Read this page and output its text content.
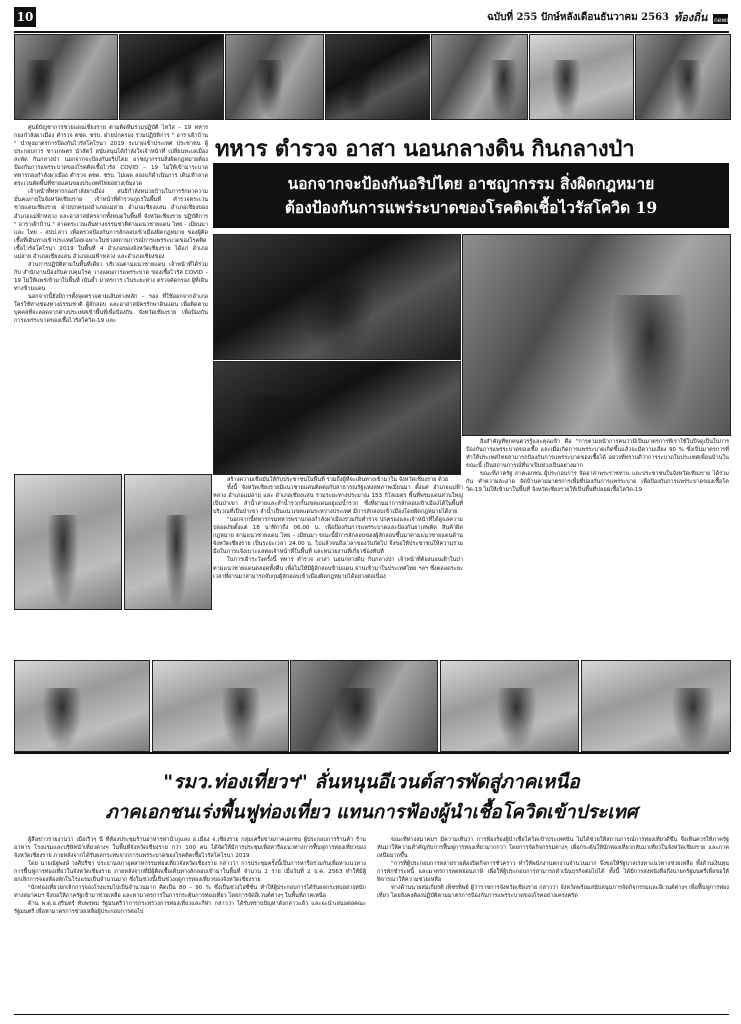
10	ฉบับที่ 255 ปักษ์หลังเดือนธันวาคม 2563 ท้องถิ่น news

ศูนย์บัญชาการชายแดนเชียงราย ตามติดทีมร่วมปฏิบัติ ไหว้ส – 19 ทหารกองกำลังผาเมือง ตำรวจ ตชด. ชรบ. ฝ่ายปกครอง ร่วมปฏิบัติการ " อาราเฝ้าบ้าน " นำหูงมาตรการป้องกันไวรัสโคโรนา 2019 ระบาดเข้าประเทศ ประชาชน ผู้ประกอบการ ชาวเกษตร นำสัตว์ สนับสนุนได้กำลังใจเจ้าหน้าที่ เปลี่ยนทะเลเมืองสะพัด กินกลางป่า นอกจากจะป้องกันอริปไตย อาชญากรรมสิ่งผิดกฎหมายต้องป้องกันการแพร่ระบาดของโรคติดเชื้อไวรัส COVID – 19 ไม่ให้เข้ามาระบาดทหารกองกำลังผาเมือง ตำรวจ ตชด. ชรบ. ไม่เผด สองแก้ดำเนินการ เดินเท้าลาดตระเวนตัดพื้นที่ชายแดนของประเทศไทยอย่างเข้มงวด

เจ้าหน้าที่ทหารกองกำลังผาเมือง สนธิกำลังหน่วยบ้านในการรักษาความมั่นคงภายในจังหวัดเชียงราย เจ้าหน้าที่ตำรวจภูธรในพื้นที่ คำรวจตระเวนชายแดนเชียงราย ฝ่ายปกครองอำเภอแม่สาย อำเภอเชียงแสน อำเภอเชียงของ อำเภอแม่ฟ้าหลวง และอาสาสมัครจากทั้งหมดในพื้นที่ จังหวัดเชียงราย ปฏิบัติการ " อาราเฝ้าบ้าน " ลาดตระเวนเส้นทางธรรมชาติตามแนวชายแดน ไทย - เมียนมา และ ไทย - สปป.ลาว เพื่อตรวจป้องกันการลักลอบเข้าเมืองผิดกฎหมาย ของผู้ติดเชื้อที่เดินทางเข้าประเทศโดยเฉพาะในช่วงสถานการณ์การแพร่ระบาดของโรคติดเชื้อไวรัสโคโรนา 2019 ในพื้นที่ 4 อำเภอของจังหวัดเชียงราย ได้แก่ อำเภอแม่สาย อำเภอเชียงแสน อำเภอแม่ฟ้าหลวง และอำเภอเชียงของ

ส่วนการปฏิบัติตามในพื้นที่เดียว บริเวณตามแนวชายแดน เจ้าหน้าที่ได้ร่วมกับ สำนักงานป้องกันควบคุมโรค วางแผนการแพร่ระบาด ของเชื้อไวรัส COVID – 19 ไม่ให้แพร่เข้ามาในพื้นที่ เน้นย้ำ มาตรการ เว้นระยะห่าง ตรวจคัดกรอง ผู้ที่เดินทางข้ามแดน

นอกจากนี้ยังมีการตั้งจุดตรวจตามเส้นทางหลัก – รอง ที่ใช้ออกจากอำเภอ ใครใช้ทางช่องทางธรรมชาติ ผู้ลักลอบ และอาสาสมัครรักษาดินแดน เพื่อติดตามบุคคลที่จะลอดจากต่างประเทศเข้าพื้นที่เพื่อป้องกัน จังหวัดเชียงราย เพื่อป้องกันการแพร่ระบาดของเชื้อไวรัสโควิด-19 และ

ทหาร ตำรวจ อาสา นอนกลางดิน กินกลางป่า
นอกจากจะป้องกันอริปไตย อาชญากรรม สิ่งผิดกฎหมาย
ต้องป้องกันการแพร่ระบาดของโรคติดเชื้อไวรัสโควิด 19

สร้างความเชื่อมั่นให้กับประชาชนในพื้นที่ รวมถึงผู้ที่จะเดินทางเข้ามาใน จังหวัดเชียงราย ด้วย

ทั้งนี้ จังหวัดเชียงรายมีแนวชายแดนติดต่อกับสาธารณรัฐแห่งสหภาพเมียนมา ตั้งแต่ อำเภอแม่ฟ้าหลวง อำเภอแม่สาย และ อำเภอเชียงแสน รวมระยะทางประมาณ 153 กิโลเมตร พื้นที่พรมแดนส่วนใหญ่เป็นป่าเขา ลำน้ำสายและลำน้ำรวกกั้นเขตแดนอยู่แม่น้ำรวก ซึ่งที่ผ่านมาการลักลอบเข้าเมืองได้ในพื้นที่บริเวณที่เป็นป่าเขา ลำน้ำเป็นแนวเขตแดนระหว่างประเทศ มีการลักลอบเข้าเมืองโดยผิดกฎหมายได้ง่าย

"นอกจากนี้ทหารกรมทหารพรานกองกำลังผาเมืองร่วมกับตำรวจ ปกครองและเจ้าหน้าที่ได้ดูแลความปลอดภัยตั้งแต่ 18 นาฬิกาถึง 06.00 น. เพื่อป้องกันการแพร่ระบาดและป้องกันยาเสพติด สินค้าผิดกฎหมาย ตามแนวชายแดน ไทย – เมียนมา ขณะนี้มีการลักลอบของผู้ลักลอบขึ้นมาตามแนวชายแดนด้านจังหวัดเชียงราย เป็นระยะเวลา 24.00 น. ไปแล้วจนถึงเวลาของวันถัดไป จึงขอให้ประชาชนให้ความร่วมมือในการแจ้งเบาะแสต่อเจ้าหน้าที่ในพื้นที่ และหน่วยงานที่เกี่ยวข้องทันที

ในการเฝ้าระวังครั้งนี้ ทหาร ตำรวจ อาสา นอนกลางดิน กินกลางป่า เจ้าหน้าที่ต้องนอนเฝ้าในป่าตามแนวชายแดนตลอดทั้งคืน เพื่อไม่ให้มีผู้ลักลอบข้ามแดน ผ่านเข้ามาในประเทศไทย ฯลฯ ซึ่งตลอดระยะเวลาที่ผ่านมาสามารถจับกุมผู้ลักลอบเข้าเมืองผิดกฎหมายได้อย่างต่อเนื่อง

สิ่งสำคัญที่ทุกคนควรรู้และคุณเข้า คือ "การตามหน้าการคนว่ามีเป็นมาตรการที่เราใช้ในปีจดูเป็นในการป้องกันการแพร่ระบาดของเชื้อ และเมื่อเกิดการแพร่ระบาดเกิดขึ้นแล้วจะมีความเสี่ยง 90 % ซึ่งเป็นมาตรการที่ทำให้ประเทศไทยสามารถป้องกันการแพร่ระบาดของเชื้อได้ อย่างที่ทราบดีว่าการระบาดในประเทศเพื่อนบ้านในขณะนี้ เป็นสถานการณ์ที่น่าเป็นห่วงเป็นอย่างมาก

ขณะที่ภาครัฐ ภาคเอกชน ผู้ประกอบการ จัดอาสาพระราชทาน และประชาชนในจังหวัดเชียงราย ได้ร่วมกัน ทำความสะอาด จัดบ้านตามมาตรการเพื่อที่ปองกันการแพร่ระบาด เพื่อป้องกันการแพร่ระบาดของเชื้อโควิด-19 ไม่ให้เข้ามาในพื้นที่ จังหวัดเชียงรายให้เป็นพื้นที่ปลอดเชื้อโควิด-19

"รมว.ท่องเที่ยวฯ" ลั่นหนุนอีเวนต์สารพัดสู่ภาคเหนือ
ภาคเอกชนเร่งพื้นฟูท่องเที่ยว แทนการฟ้องผู้นำเชื้อโควิดเข้าประเทศ

ผู้สื่อข่าวรายงานว่า เมื่อเร็วๆ นี้ ที่ห้องประชุมร้านอาหารท่าน้ำภูแลง อ.เมือง จ.เชียงราย กลุ่มเครือข่ายภาคเอกชน ผู้ประกอบการร้านค้า ร้านอาหาร โรงแรมและบริษัทนำเที่ยวต่างๆ ในพื้นที่จังหวัดเชียงราย กว่า 100 คน ได้จัดให้มีการประชุมเพื่อหารือแนวทางการฟื้นฟูการท่องเที่ยวของจังหวัดเชียงราย ภายหลังจากได้รับผลกระทบจากการแพร่ระบาดของโรคติดเชื้อไวรัสโคโรนา 2019

โดย นายณัฐพงษ์ วงศ์ปรีชา ประธานสภาอุตสาหกรรมท่องเที่ยวจังหวัดเชียงราย กล่าวว่า การประชุมครั้งนี้เป็นการหารือร่วมกันเพื่อหาแนวทางการฟื้นฟูการท่องเที่ยวในจังหวัดเชียงราย ภายหลังจากที่มีผู้ติดเชื้อเดินทางลักลอบเข้ามาในพื้นที่ จำนวน 2 ราย เมื่อวันที่ 2 ธ.ค. 2563 ทำให้มีผู้ยกเลิกการจองห้องพักในโรงแรมเป็นจำนวนมาก ซึ่งในช่วงนี้เป็นช่วงฤดูการท่องเที่ยวของจังหวัดเชียงราย

"นักท่องเที่ยวยกเลิกการจองโรงแรมไปเป็นจำนวนมาก คิดเป็น 80 – 90 % ซึ่งเป็นช่วงไฮซีซั่น ทำให้ผู้ประกอบการได้รับผลกระทบอย่างหนัก ทางสมาคมฯ จึงขอให้ภาครัฐเข้ามาช่วยเหลือ และหามาตรการในการกระตุ้นการท่องเที่ยว โดยการจัดอีเวนต์ต่างๆ ในพื้นที่ภาคเหนือ

ด้าน พ.ต.อ.สุรินทร์ ทับพรหม รัฐมนตรีว่าการกระทรวงการท่องเที่ยวและกีฬา กล่าวว่า ได้รับทราบปัญหาดังกล่าวแล้ว และจะนำเสนอต่อคณะรัฐมนตรี เพื่อหามาตรการช่วยเหลือผู้ประกอบการต่อไป

ขณะที่ทางสมาคมฯ มีความเห็นว่า การฟ้องร้องผู้นำเชื้อโควิดเข้าประเทศนั้น ไม่ได้ช่วยให้สถานการณ์การท่องเที่ยวดีขึ้น จึงเห็นควรให้ภาครัฐหันมาให้ความสำคัญกับการฟื้นฟูการท่องเที่ยวมากกว่า โดยการจัดกิจกรรมต่างๆ เพื่อกระตุ้นให้นักท่องเที่ยวกลับมาเที่ยวในจังหวัดเชียงราย และภาคเหนือมากขึ้น

"การที่ผู้ประกอบการหลายรายต้องปิดกิจการชั่วคราว ทำให้พนักงานตกงานจำนวนมาก จึงขอให้รัฐบาลเร่งหาแนวทางช่วยเหลือ ทั้งด้านเงินทุน การพักชำระหนี้ และมาตรการลดหย่อนภาษี เพื่อให้ผู้ประกอบการสามารถดำเนินธุรกิจต่อไปได้ ทั้งนี้ ได้มีการส่งหนังสือถึงนายกรัฐมนตรีเพื่อขอให้พิจารณาให้ความช่วยเหลือ

ทางด้านนายสมเกียรติ เพ็ชรทิพย์ ผู้ว่าราชการจังหวัดเชียงราย กล่าวว่า จังหวัดพร้อมสนับสนุนการจัดกิจกรรมและอีเวนต์ต่างๆ เพื่อฟื้นฟูการท่องเที่ยว โดยยังคงต้องปฏิบัติตามมาตรการป้องกันการแพร่ระบาดของโรคอย่างเคร่งครัด
